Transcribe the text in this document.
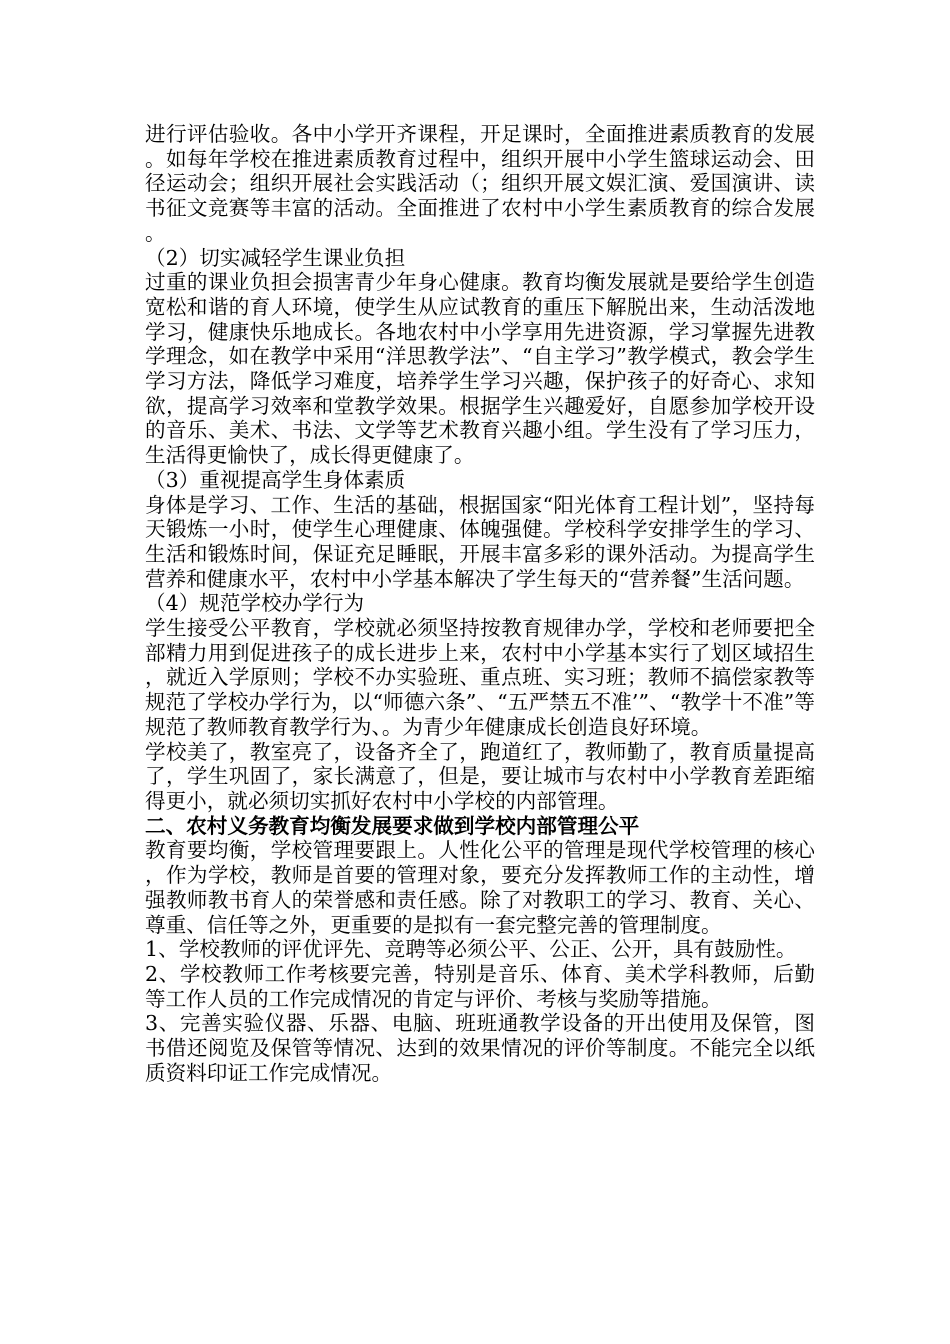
进行评估验收。各中小学开齐课程，开足课时，全面推进素质教育的发展。如每年学校在推进素质教育过程中，组织开展中小学生篮球运动会、田径运动会；组织开展社会实践活动（；组织开展文娱汇演、爱国演讲、读书征文竞赛等丰富的活动。全面推进了农村中小学生素质教育的综合发展。

（2）切实减轻学生课业负担

过重的课业负担会损害青少年身心健康。教育均衡发展就是要给学生创造宽松和谐的育人环境，使学生从应试教育的重压下解脱出来，生动活泼地学习，健康快乐地成长。各地农村中小学享用先进资源，学习掌握先进教学理念，如在教学中采用“洋思教学法”、“自主学习”教学模式，教会学生学习方法，降低学习难度，培养学生学习兴趣，保护孩子的好奇心、求知欲，提高学习效率和堂教学效果。根据学生兴趣爱好，自愿参加学校开设的音乐、美术、书法、文学等艺术教育兴趣小组。学生没有了学习压力，生活得更愉快了，成长得更健康了。

（3）重视提高学生身体素质

身体是学习、工作、生活的基础，根据国家“阳光体育工程计划”，坚持每天锻炼一小时，使学生心理健康、体魄强健。学校科学安排学生的学习、生活和锻炼时间，保证充足睡眠，开展丰富多彩的课外活动。为提高学生营养和健康水平，农村中小学基本解决了学生每天的“营养餐”生活问题。

（4）规范学校办学行为

学生接受公平教育，学校就必须坚持按教育规律办学，学校和老师要把全部精力用到促进孩子的成长进步上来，农村中小学基本实行了划区域招生，就近入学原则；学校不办实验班、重点班、实习班；教师不搞偿家教等规范了学校办学行为，以“师德六条”、“五严禁五不准’”、“教学十不准”等规范了教师教育教学行为、。为青少年健康成长创造良好环境。

学校美了，教室亮了，设备齐全了，跑道红了，教师勤了，教育质量提高了，学生巩固了，家长满意了，但是，要让城市与农村中小学教育差距缩得更小，就必须切实抓好农村中小学校的内部管理。

二、农村义务教育均衡发展要求做到学校内部管理公平

教育要均衡，学校管理要跟上。人性化公平的管理是现代学校管理的核心，作为学校，教师是首要的管理对象，要充分发挥教师工作的主动性，增强教师教书育人的荣誉感和责任感。除了对教职工的学习、教育、关心、尊重、信任等之外，更重要的是拟有一套完整完善的管理制度。

1、学校教师的评优评先、竞聘等必须公平、公正、公开，具有鼓励性。

2、学校教师工作考核要完善，特别是音乐、体育、美术学科教师，后勤等工作人员的工作完成情况的肯定与评价、考核与奖励等措施。

3、完善实验仪器、乐器、电脑、班班通教学设备的开出使用及保管，图书借还阅览及保管等情况、达到的效果情况的评价等制度。不能完全以纸质资料印证工作完成情况。
